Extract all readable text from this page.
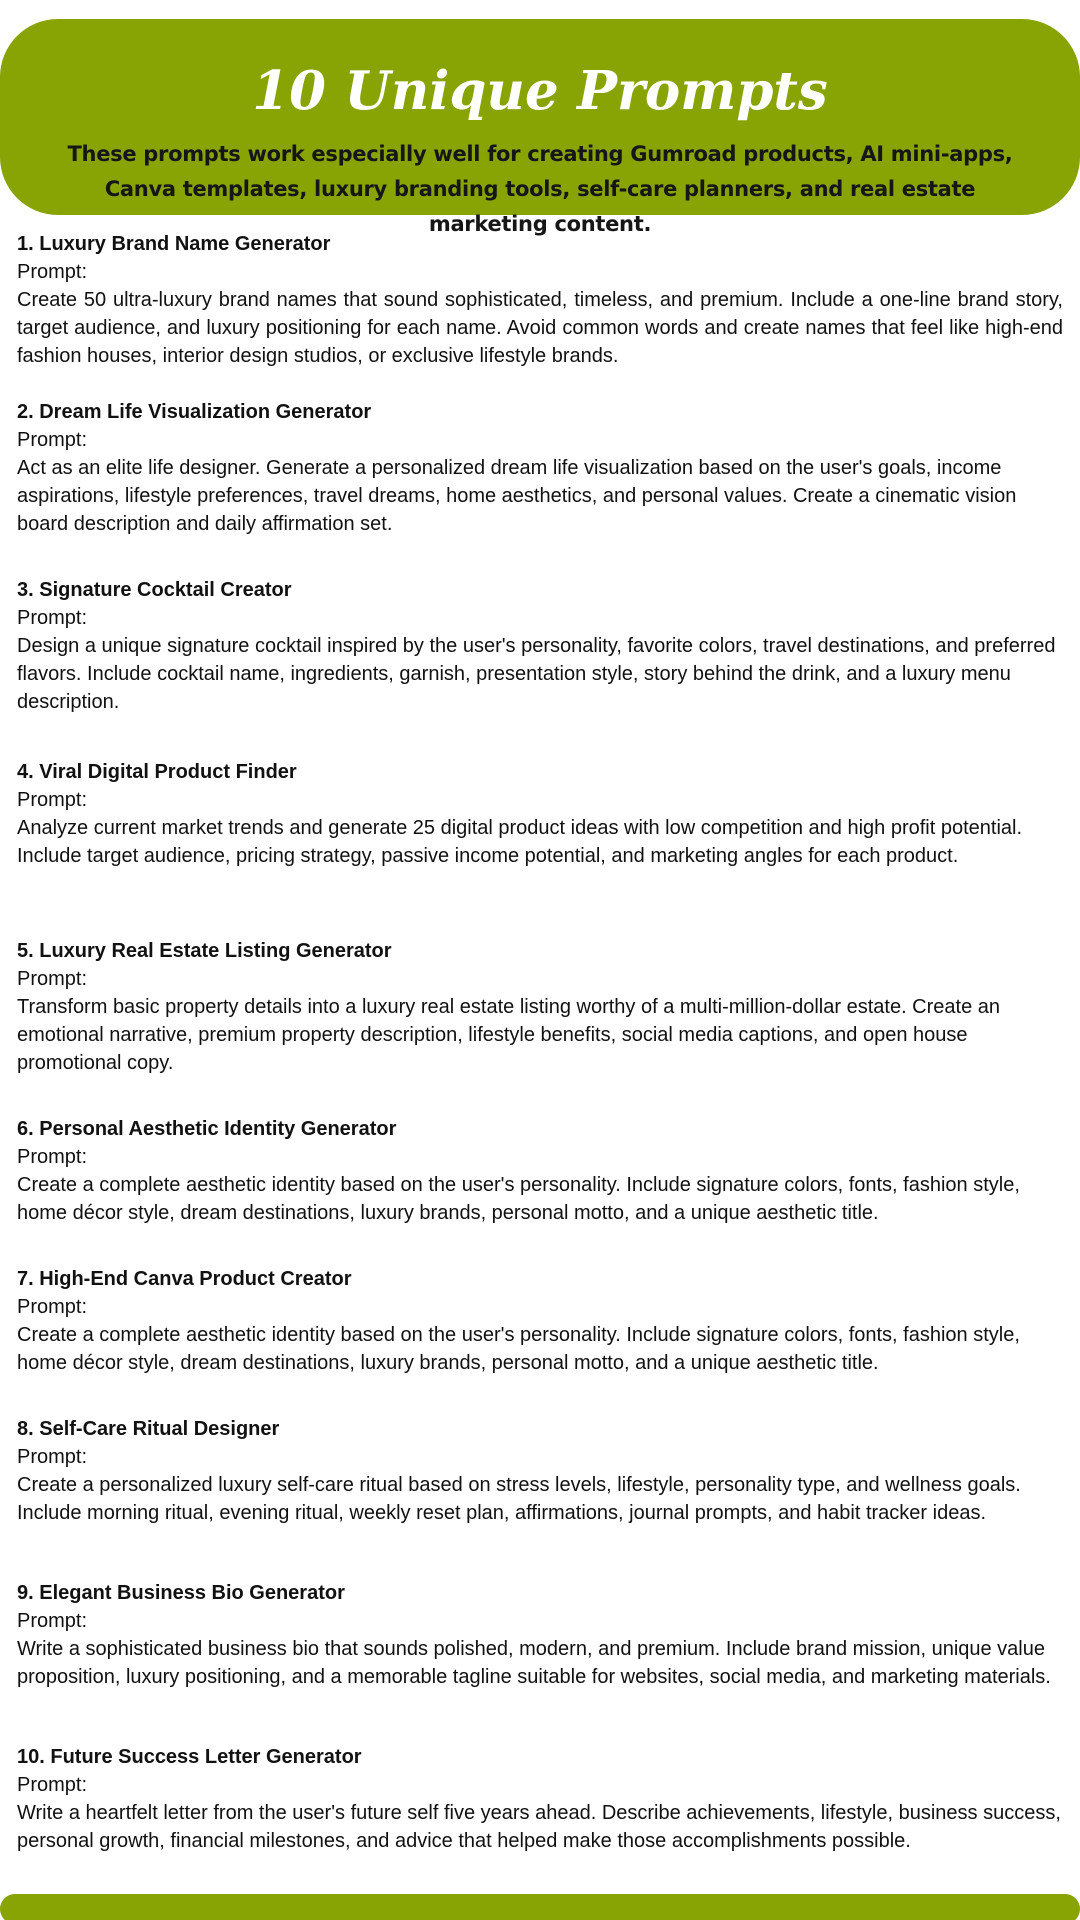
10 Unique Prompts

These prompts work especially well for creating Gumroad products, AI mini-apps, Canva templates, luxury branding tools, self-care planners, and real estate marketing content.

1. Luxury Brand Name Generator
Prompt:
Create 50 ultra-luxury brand names that sound sophisticated, timeless, and premium. Include a one-line brand story, target audience, and luxury positioning for each name. Avoid common words and create names that feel like high-end fashion houses, interior design studios, or exclusive lifestyle brands.
2. Dream Life Visualization Generator
Prompt:
Act as an elite life designer. Generate a personalized dream life visualization based on the user's goals, income aspirations, lifestyle preferences, travel dreams, home aesthetics, and personal values. Create a cinematic vision board description and daily affirmation set.
3. Signature Cocktail Creator
Prompt:
Design a unique signature cocktail inspired by the user's personality, favorite colors, travel destinations, and preferred flavors. Include cocktail name, ingredients, garnish, presentation style, story behind the drink, and a luxury menu description.
4. Viral Digital Product Finder
Prompt:
Analyze current market trends and generate 25 digital product ideas with low competition and high profit potential. Include target audience, pricing strategy, passive income potential, and marketing angles for each product.
5. Luxury Real Estate Listing Generator
Prompt:
Transform basic property details into a luxury real estate listing worthy of a multi-million-dollar estate. Create an emotional narrative, premium property description, lifestyle benefits, social media captions, and open house promotional copy.
6. Personal Aesthetic Identity Generator
Prompt:
Create a complete aesthetic identity based on the user's personality. Include signature colors, fonts, fashion style, home décor style, dream destinations, luxury brands, personal motto, and a unique aesthetic title.
7. High-End Canva Product Creator
Prompt:
Create a complete aesthetic identity based on the user's personality. Include signature colors, fonts, fashion style, home décor style, dream destinations, luxury brands, personal motto, and a unique aesthetic title.
8. Self-Care Ritual Designer
Prompt:
Create a personalized luxury self-care ritual based on stress levels, lifestyle, personality type, and wellness goals. Include morning ritual, evening ritual, weekly reset plan, affirmations, journal prompts, and habit tracker ideas.
9. Elegant Business Bio Generator
Prompt:
Write a sophisticated business bio that sounds polished, modern, and premium. Include brand mission, unique value proposition, luxury positioning, and a memorable tagline suitable for websites, social media, and marketing materials.
10. Future Success Letter Generator
Prompt:
Write a heartfelt letter from the user's future self five years ahead. Describe achievements, lifestyle, business success, personal growth, financial milestones, and advice that helped make those accomplishments possible.
